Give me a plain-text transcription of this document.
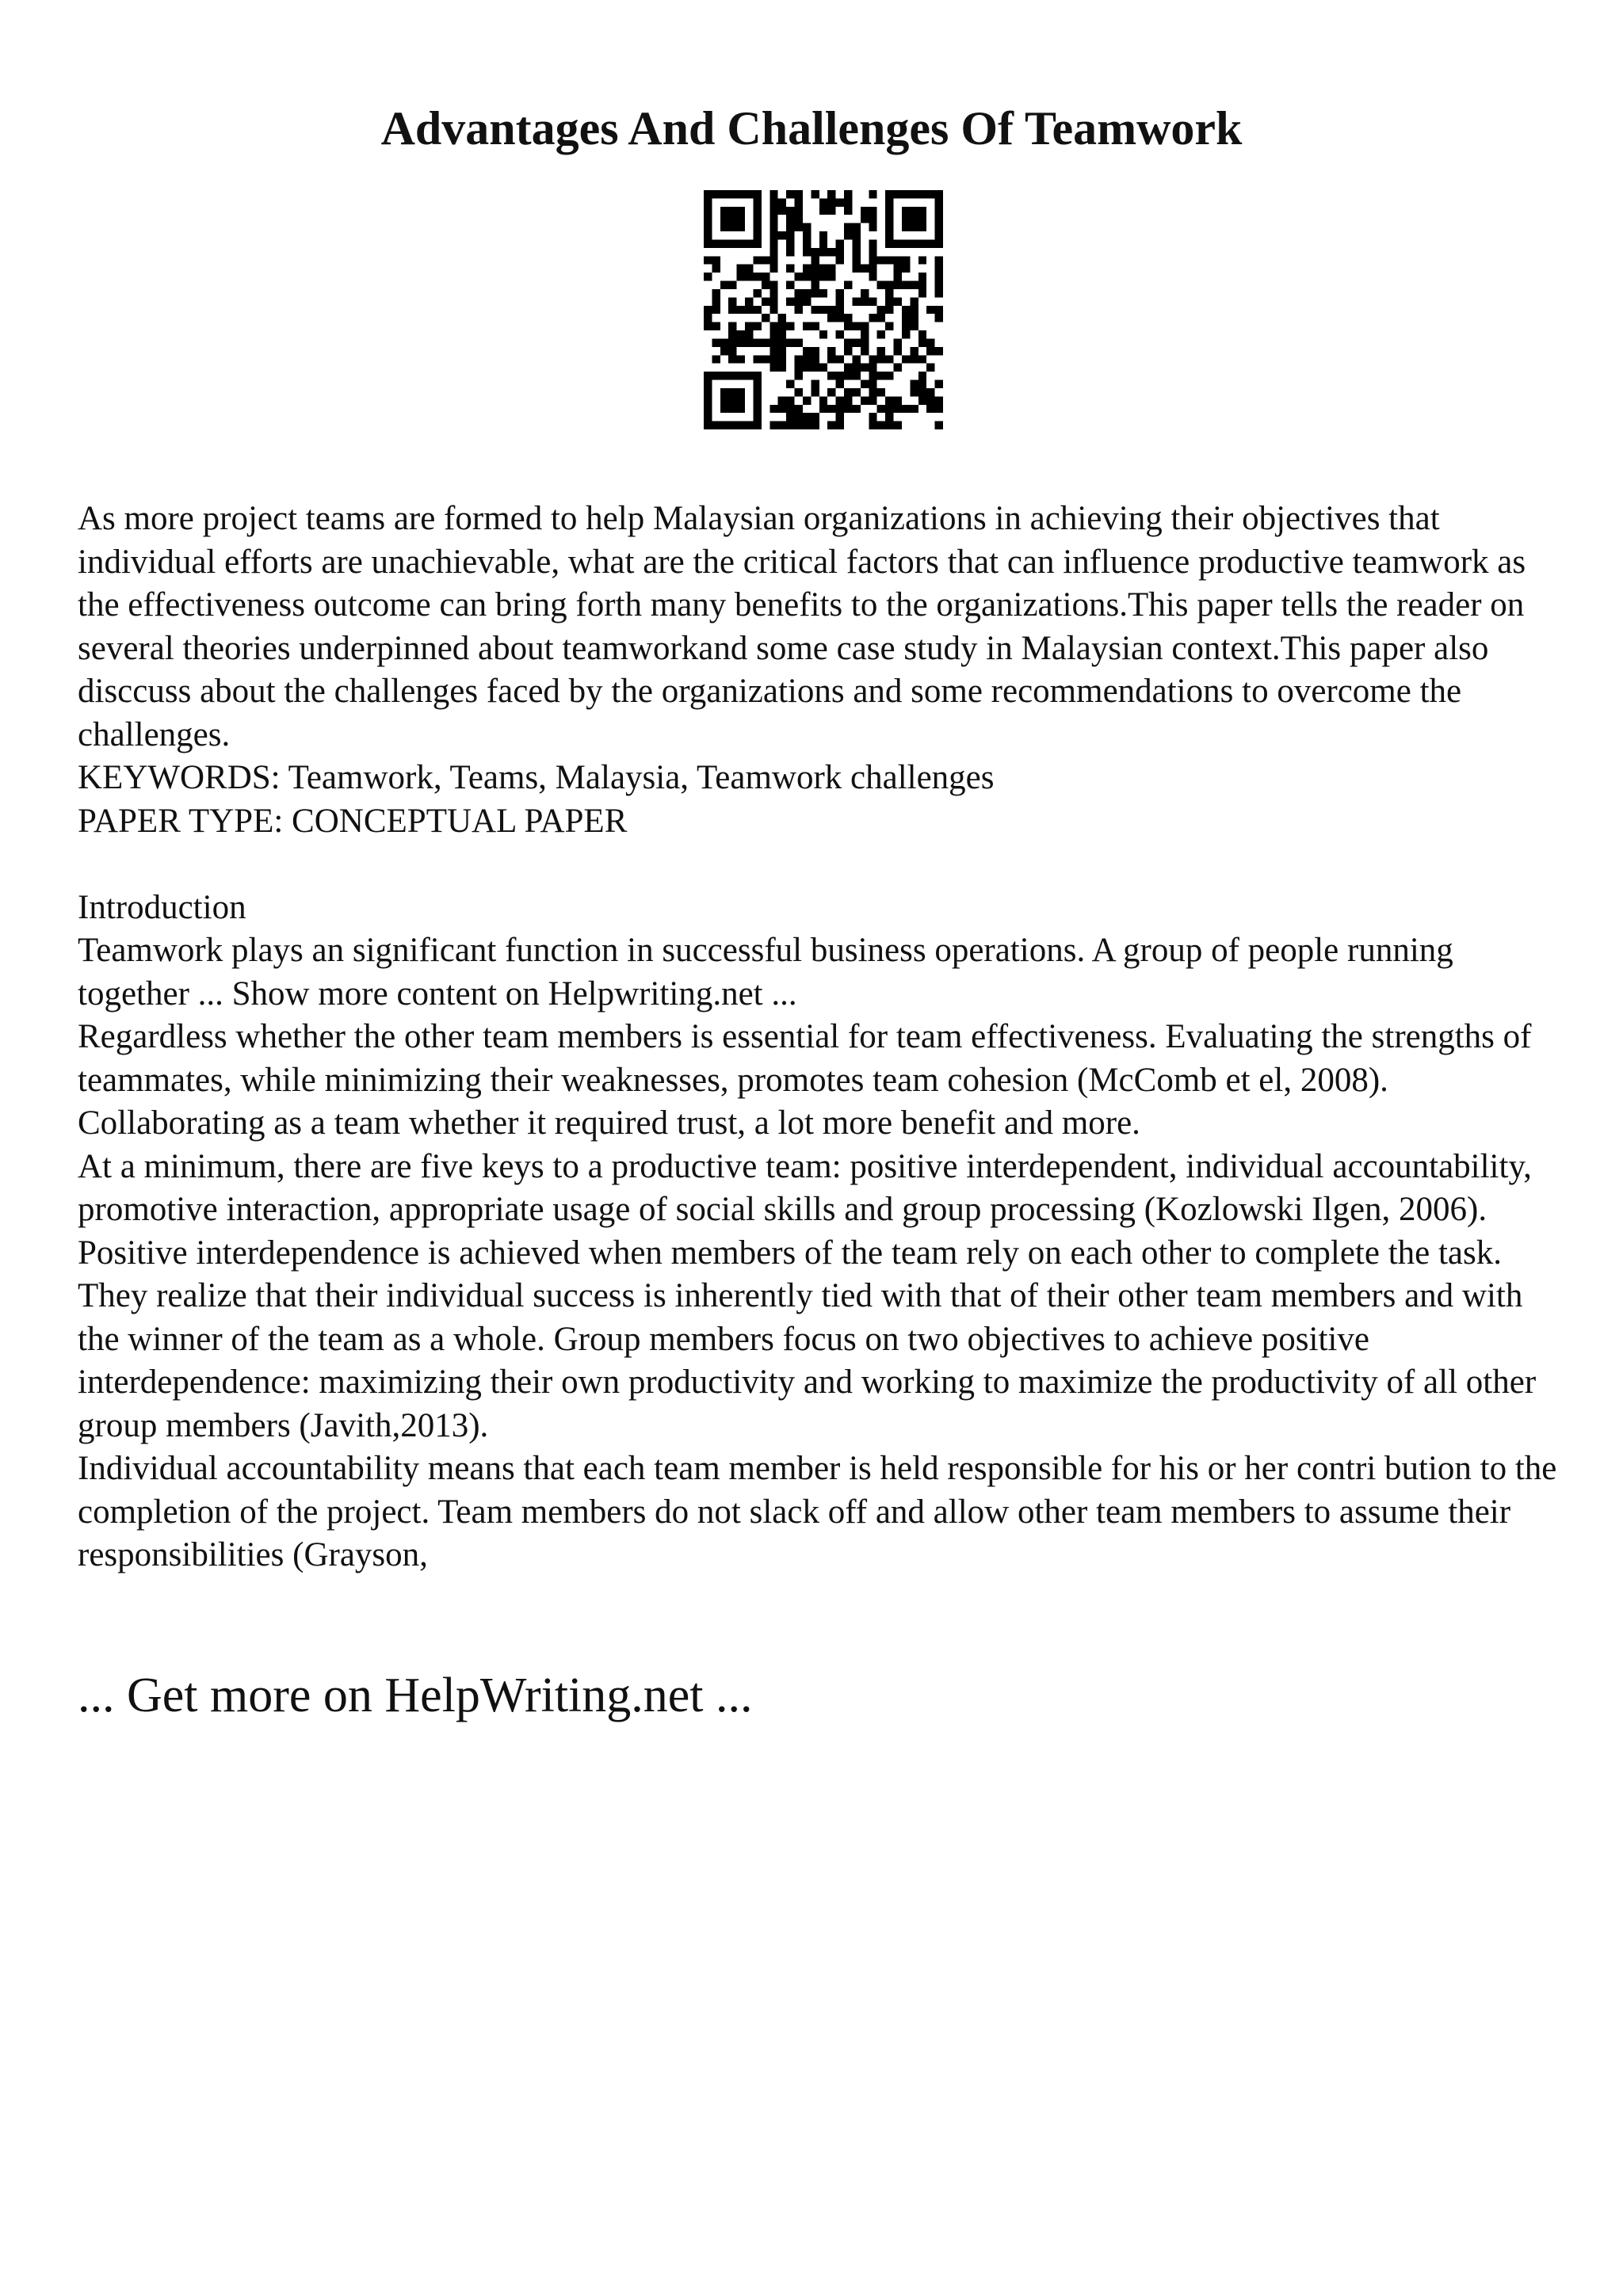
Advantages And Challenges Of Teamwork

As more project teams are formed to help Malaysian organizations in achieving their objectives that individual efforts are unachievable, what are the critical factors that can influence productive teamwork as the effectiveness outcome can bring forth many benefits to the organizations.This paper tells the reader on several theories underpinned about teamworkand some case study in Malaysian context.This paper also disccuss about the challenges faced by the organizations and some recommendations to overcome the challenges.

KEYWORDS: Teamwork, Teams, Malaysia, Teamwork challenges

PAPER TYPE: CONCEPTUAL PAPER

Introduction

Teamwork plays an significant function in successful business operations. A group of people running together ... Show more content on Helpwriting.net ...

Regardless whether the other team members is essential for team effectiveness. Evaluating the strengths of teammates, while minimizing their weaknesses, promotes team cohesion (McComb et el, 2008). Collaborating as a team whether it required trust, a lot more benefit and more.

At a minimum, there are five keys to a productive team: positive interdependent, individual accountability, promotive interaction, appropriate usage of social skills and group processing (Kozlowski Ilgen, 2006).

Positive interdependence is achieved when members of the team rely on each other to complete the task. They realize that their individual success is inherently tied with that of their other team members and with the winner of the team as a whole. Group members focus on two objectives to achieve positive interdependence: maximizing their own productivity and working to maximize the productivity of all other group members (Javith,2013).

Individual accountability means that each team member is held responsible for his or her contri bution to the completion of the project. Team members do not slack off and allow other team members to assume their responsibilities (Grayson,

... Get more on HelpWriting.net ...
